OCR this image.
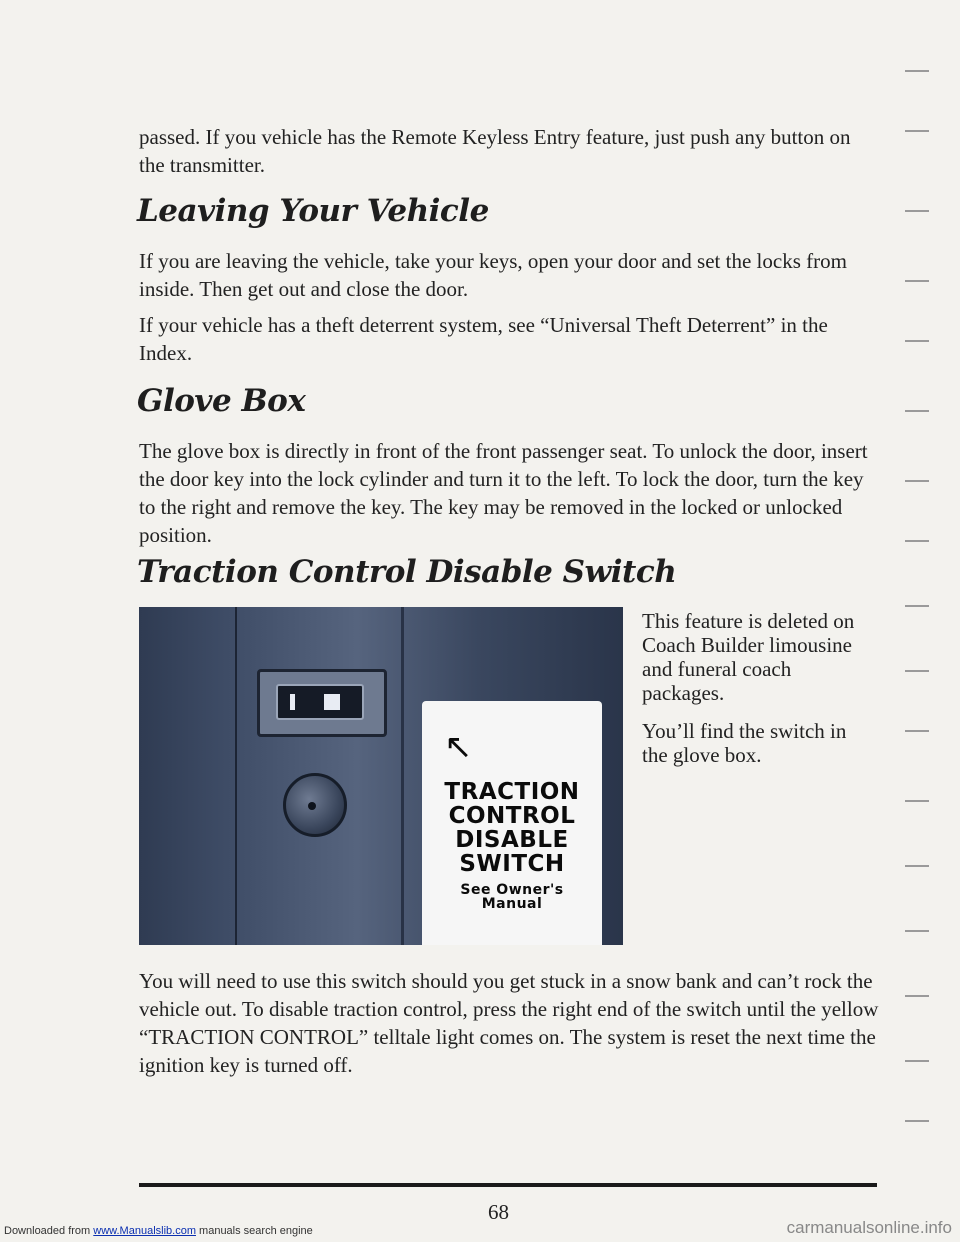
passed. If you vehicle has the Remote Keyless Entry feature, just push any button on the transmitter.

Leaving Your Vehicle

If you are leaving the vehicle, take your keys, open your door and set the locks from inside. Then get out and close the door.

If your vehicle has a theft deterrent system, see “Universal Theft Deterrent” in the Index.

Glove Box

The glove box is directly in front of the front passenger seat. To unlock the door, insert the door key into the lock cylinder and turn it to the left. To lock the door, turn the key to the right and remove the key. The key may be removed in the locked or unlocked position.

Traction Control Disable Switch
↖
TRACTION
CONTROL
DISABLE
SWITCH
See Owner's
Manual

This feature is deleted on Coach Builder limousine and funeral coach packages.

You’ll find the switch in the glove box.

You will need to use this switch should you get stuck in a snow bank and can’t rock the vehicle out. To disable traction control, press the right end of the switch until the yellow “TRACTION CONTROL” telltale light comes on. The system is reset the next time the ignition key is turned off.

68
Downloaded from www.Manualslib.com manuals search engine	carmanualsonline.info
